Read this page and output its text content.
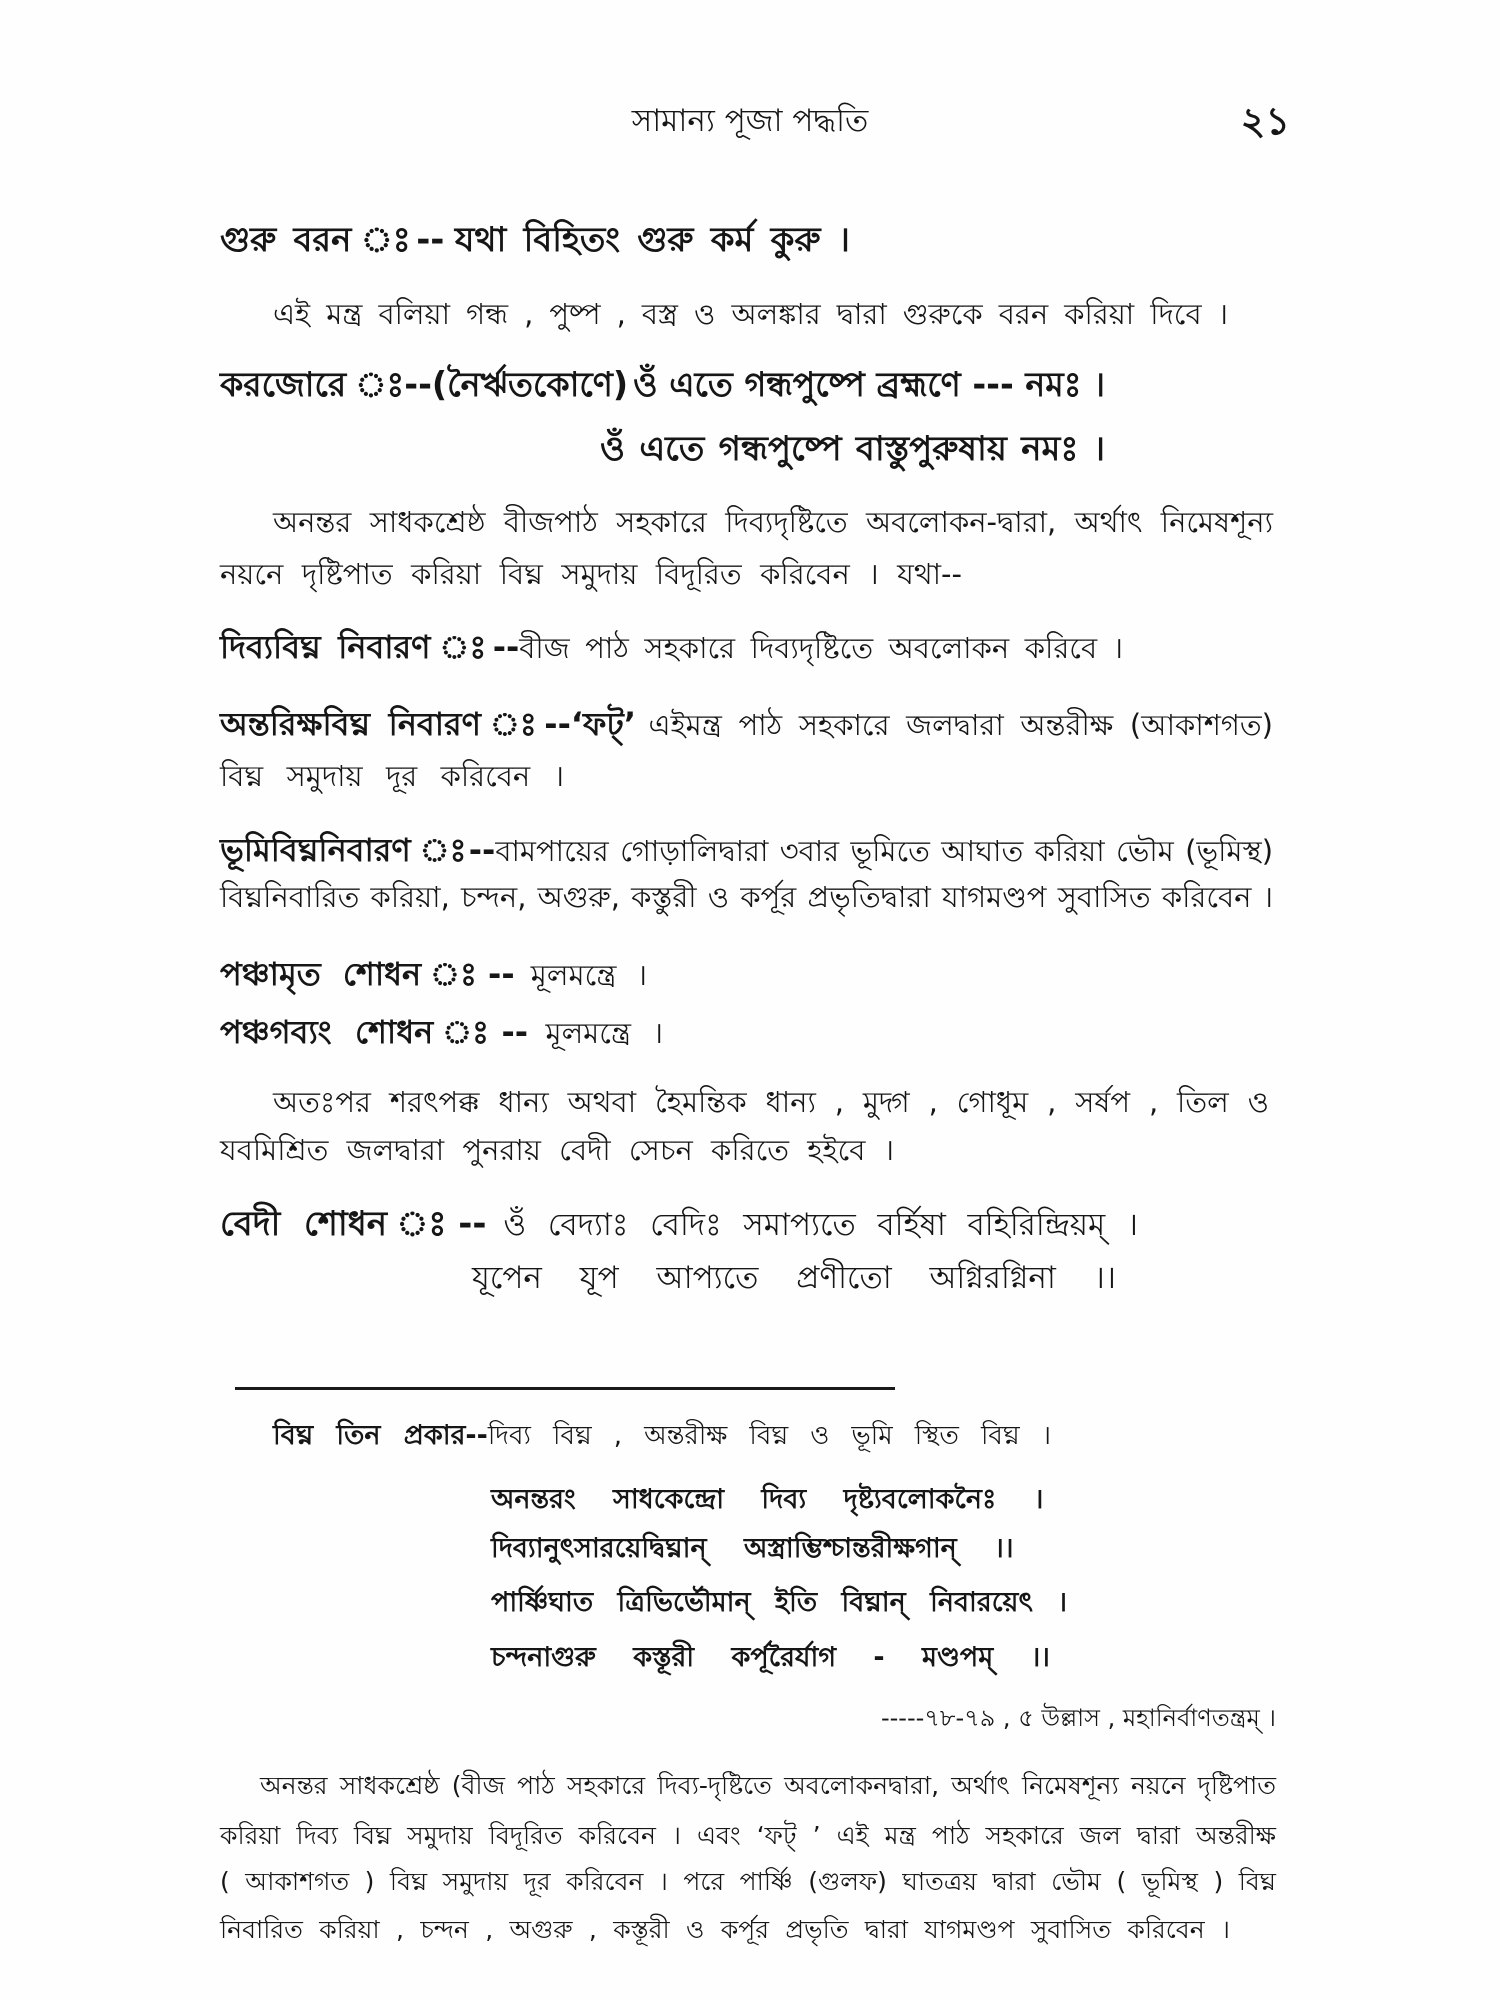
সামান্য পূজা পদ্ধতি	২১
গুরু বরন ঃ-- যথা বিহিতং গুরু কর্ম কুরু ।
এই মন্ত্র বলিয়া গন্ধ , পুষ্প , বস্ত্র ও অলঙ্কার দ্বারা গুরুকে বরন করিয়া দিবে ।
করজোরে ঃ--(নৈর্ঋতকোণে) ওঁ এতে গন্ধপুষ্পে ব্রহ্মণে --- নমঃ ।
ওঁ এতে গন্ধপুষ্পে বাস্তুপুরুষায় নমঃ ।
অনন্তর সাধকশ্রেষ্ঠ বীজপাঠ সহকারে দিব্যদৃষ্টিতে অবলোকন-দ্বারা, অর্থাৎ নিমেষশূন্য
নয়নে দৃষ্টিপাত করিয়া বিঘ্ন সমুদায় বিদূরিত করিবেন । যথা--
দিব্যবিঘ্ন নিবারণ ঃ--বীজ পাঠ সহকারে দিব্যদৃষ্টিতে অবলোকন করিবে ।
অন্তরিক্ষবিঘ্ন নিবারণ ঃ--‘ফট্’ এইমন্ত্র পাঠ সহকারে জলদ্বারা অন্তরীক্ষ (আকাশগত)
বিঘ্ন সমুদায় দূর করিবেন ।
ভূমিবিঘ্ননিবারণ ঃ--বামপায়ের গোড়ালিদ্বারা ৩বার ভূমিতে আঘাত করিয়া ভৌম (ভূমিস্থ)
বিঘ্ননিবারিত করিয়া, চন্দন, অগুরু, কস্তুরী ও কর্পূর প্রভৃতিদ্বারা যাগমণ্ডপ সুবাসিত করিবেন ।
পঞ্চামৃত শোধন ঃ-- মূলমন্ত্রে ।
পঞ্চগব্যং শোধন ঃ-- মূলমন্ত্রে ।
অতঃপর শরৎপক্ক ধান্য অথবা হৈমন্তিক ধান্য , মুদ্গ , গোধূম , সর্ষপ , তিল ও
যবমিশ্রিত জলদ্বারা পুনরায় বেদী সেচন করিতে হইবে ।
বেদী শোধন ঃ-- ওঁ বেদ্যাঃ বেদিঃ সমাপ্যতে বর্হিষা বহিরিন্দ্রিয়ম্ ।
যূপেন যূপ আপ্যতে প্রণীতো অগ্নিরগ্নিনা ।।
বিঘ্ন তিন প্রকার--দিব্য বিঘ্ন , অন্তরীক্ষ বিঘ্ন ও ভূমি স্থিত বিঘ্ন ।
অনন্তরং সাধকেন্দ্রো দিব্য দৃষ্ট্যবলোকনৈঃ ।
দিব্যানুৎসারয়েদ্বিঘ্নান্ অস্ত্রাম্ভিশ্চান্তরীক্ষগান্ ।।
পার্ষ্ণিঘাত ত্রিভির্ভৌমান্ ইতি বিঘ্নান্ নিবারয়েৎ ।
চন্দনাগুরু কস্তূরী কর্পূরৈর্যাগ - মণ্ডপম্ ।।
-----৭৮-৭৯ , ৫ উল্লাস , মহানির্বাণতন্ত্রম্ ।
অনন্তর সাধকশ্রেষ্ঠ (বীজ পাঠ সহকারে দিব্য-দৃষ্টিতে অবলোকনদ্বারা, অর্থাৎ নিমেষশূন্য নয়নে দৃষ্টিপাত
করিয়া দিব্য বিঘ্ন সমুদায় বিদূরিত করিবেন । এবং ‘ফট্ ’ এই মন্ত্র পাঠ সহকারে জল দ্বারা অন্তরীক্ষ
( আকাশগত ) বিঘ্ন সমুদায় দূর করিবেন । পরে পার্ষ্ণি (গুলফ) ঘাতত্রয় দ্বারা ভৌম ( ভূমিস্থ ) বিঘ্ন
নিবারিত করিয়া , চন্দন , অগুরু , কস্তূরী ও কর্পূর প্রভৃতি দ্বারা যাগমণ্ডপ সুবাসিত করিবেন ।
